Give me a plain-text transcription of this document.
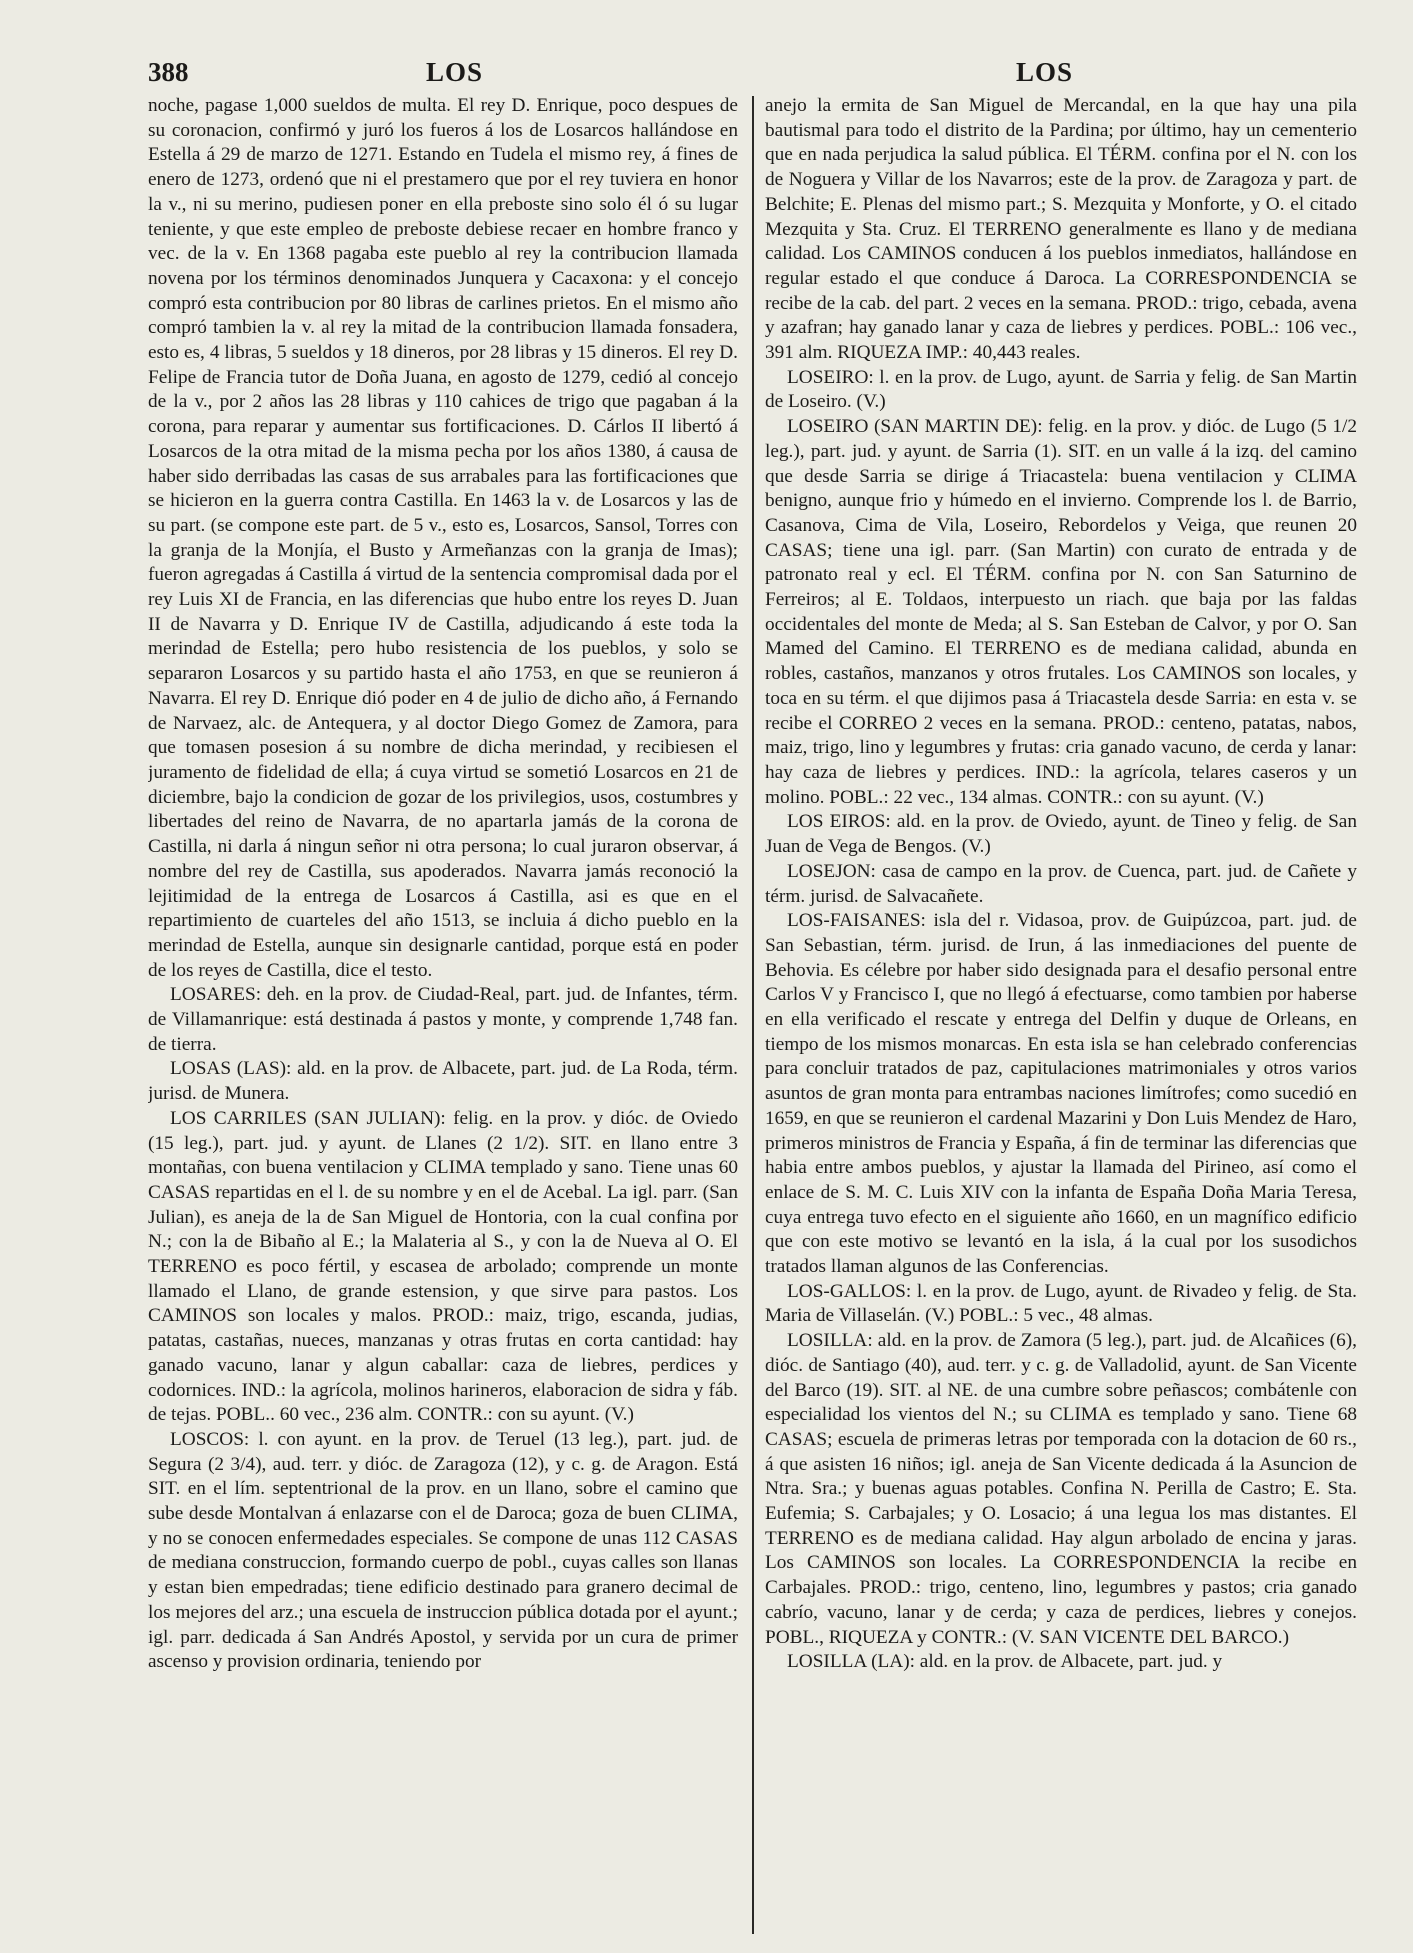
388	LOS	LOS

noche, pagase 1,000 sueldos de multa. El rey D. Enrique, poco despues de su coronacion, confirmó y juró los fueros á los de Losarcos hallándose en Estella á 29 de marzo de 1271. Estando en Tudela el mismo rey, á fines de enero de 1273, ordenó que ni el prestamero que por el rey tuviera en honor la v., ni su merino, pudiesen poner en ella preboste sino solo él ó su lugar teniente, y que este empleo de preboste debiese recaer en hombre franco y vec. de la v. En 1368 pagaba este pueblo al rey la contribucion llamada novena por los términos denominados Junquera y Cacaxona: y el concejo compró esta contribucion por 80 libras de carlines prietos. En el mismo año compró tambien la v. al rey la mitad de la contribucion llamada fonsadera, esto es, 4 libras, 5 sueldos y 18 dineros, por 28 libras y 15 dineros. El rey D. Felipe de Francia tutor de Doña Juana, en agosto de 1279, cedió al concejo de la v., por 2 años las 28 libras y 110 cahices de trigo que pagaban á la corona, para reparar y aumentar sus fortificaciones. D. Cárlos II libertó á Losarcos de la otra mitad de la misma pecha por los años 1380, á causa de haber sido derribadas las casas de sus arrabales para las fortificaciones que se hicieron en la guerra contra Castilla. En 1463 la v. de Losarcos y las de su part. (se compone este part. de 5 v., esto es, Losarcos, Sansol, Torres con la granja de la Monjía, el Busto y Armeñanzas con la granja de Imas); fueron agregadas á Castilla á virtud de la sentencia compromisal dada por el rey Luis XI de Francia, en las diferencias que hubo entre los reyes D. Juan II de Navarra y D. Enrique IV de Castilla, adjudicando á este toda la merindad de Estella; pero hubo resistencia de los pueblos, y solo se separaron Losarcos y su partido hasta el año 1753, en que se reunieron á Navarra. El rey D. Enrique dió poder en 4 de julio de dicho año, á Fernando de Narvaez, alc. de Antequera, y al doctor Diego Gomez de Zamora, para que tomasen posesion á su nombre de dicha merindad, y recibiesen el juramento de fidelidad de ella; á cuya virtud se sometió Losarcos en 21 de diciembre, bajo la condicion de gozar de los privilegios, usos, costumbres y libertades del reino de Navarra, de no apartarla jamás de la corona de Castilla, ni darla á ningun señor ni otra persona; lo cual juraron observar, á nombre del rey de Castilla, sus apoderados. Navarra jamás reconoció la lejitimidad de la entrega de Losarcos á Castilla, asi es que en el repartimiento de cuarteles del año 1513, se incluia á dicho pueblo en la merindad de Estella, aunque sin designarle cantidad, porque está en poder de los reyes de Castilla, dice el testo.

LOSARES: deh. en la prov. de Ciudad-Real, part. jud. de Infantes, térm. de Villamanrique: está destinada á pastos y monte, y comprende 1,748 fan. de tierra.

LOSAS (LAS): ald. en la prov. de Albacete, part. jud. de La Roda, térm. jurisd. de Munera.

LOS CARRILES (SAN JULIAN): felig. en la prov. y dióc. de Oviedo (15 leg.), part. jud. y ayunt. de Llanes (2 1/2). SIT. en llano entre 3 montañas, con buena ventilacion y CLIMA templado y sano. Tiene unas 60 CASAS repartidas en el l. de su nombre y en el de Acebal. La igl. parr. (San Julian), es aneja de la de San Miguel de Hontoria, con la cual confina por N.; con la de Bibaño al E.; la Malateria al S., y con la de Nueva al O. El TERRENO es poco fértil, y escasea de arbolado; comprende un monte llamado el Llano, de grande estension, y que sirve para pastos. Los CAMINOS son locales y malos. PROD.: maiz, trigo, escanda, judias, patatas, castañas, nueces, manzanas y otras frutas en corta cantidad: hay ganado vacuno, lanar y algun caballar: caza de liebres, perdices y codornices. IND.: la agrícola, molinos harineros, elaboracion de sidra y fáb. de tejas. POBL.. 60 vec., 236 alm. CONTR.: con su ayunt. (V.)

LOSCOS: l. con ayunt. en la prov. de Teruel (13 leg.), part. jud. de Segura (2 3/4), aud. terr. y dióc. de Zaragoza (12), y c. g. de Aragon. Está SIT. en el lím. septentrional de la prov. en un llano, sobre el camino que sube desde Montalvan á enlazarse con el de Daroca; goza de buen CLIMA, y no se conocen enfermedades especiales. Se compone de unas 112 CASAS de mediana construccion, formando cuerpo de pobl., cuyas calles son llanas y estan bien empedradas; tiene edificio destinado para granero decimal de los mejores del arz.; una escuela de instruccion pública dotada por el ayunt.; igl. parr. dedicada á San Andrés Apostol, y servida por un cura de primer ascenso y provision ordinaria, teniendo por

anejo la ermita de San Miguel de Mercandal, en la que hay una pila bautismal para todo el distrito de la Pardina; por último, hay un cementerio que en nada perjudica la salud pública. El TÉRM. confina por el N. con los de Noguera y Villar de los Navarros; este de la prov. de Zaragoza y part. de Belchite; E. Plenas del mismo part.; S. Mezquita y Monforte, y O. el citado Mezquita y Sta. Cruz. El TERRENO generalmente es llano y de mediana calidad. Los CAMINOS conducen á los pueblos inmediatos, hallándose en regular estado el que conduce á Daroca. La CORRESPONDENCIA se recibe de la cab. del part. 2 veces en la semana. PROD.: trigo, cebada, avena y azafran; hay ganado lanar y caza de liebres y perdices. POBL.: 106 vec., 391 alm. RIQUEZA IMP.: 40,443 reales.

LOSEIRO: l. en la prov. de Lugo, ayunt. de Sarria y felig. de San Martin de Loseiro. (V.)

LOSEIRO (SAN MARTIN DE): felig. en la prov. y dióc. de Lugo (5 1/2 leg.), part. jud. y ayunt. de Sarria (1). SIT. en un valle á la izq. del camino que desde Sarria se dirige á Triacastela: buena ventilacion y CLIMA benigno, aunque frio y húmedo en el invierno. Comprende los l. de Barrio, Casanova, Cima de Vila, Loseiro, Rebordelos y Veiga, que reunen 20 CASAS; tiene una igl. parr. (San Martin) con curato de entrada y de patronato real y ecl. El TÉRM. confina por N. con San Saturnino de Ferreiros; al E. Toldaos, interpuesto un riach. que baja por las faldas occidentales del monte de Meda; al S. San Esteban de Calvor, y por O. San Mamed del Camino. El TERRENO es de mediana calidad, abunda en robles, castaños, manzanos y otros frutales. Los CAMINOS son locales, y toca en su térm. el que dijimos pasa á Triacastela desde Sarria: en esta v. se recibe el CORREO 2 veces en la semana. PROD.: centeno, patatas, nabos, maiz, trigo, lino y legumbres y frutas: cria ganado vacuno, de cerda y lanar: hay caza de liebres y perdices. IND.: la agrícola, telares caseros y un molino. POBL.: 22 vec., 134 almas. CONTR.: con su ayunt. (V.)

LOS EIROS: ald. en la prov. de Oviedo, ayunt. de Tineo y felig. de San Juan de Vega de Bengos. (V.)

LOSEJON: casa de campo en la prov. de Cuenca, part. jud. de Cañete y térm. jurisd. de Salvacañete.

LOS-FAISANES: isla del r. Vidasoa, prov. de Guipúzcoa, part. jud. de San Sebastian, térm. jurisd. de Irun, á las inmediaciones del puente de Behovia. Es célebre por haber sido designada para el desafio personal entre Carlos V y Francisco I, que no llegó á efectuarse, como tambien por haberse en ella verificado el rescate y entrega del Delfin y duque de Orleans, en tiempo de los mismos monarcas. En esta isla se han celebrado conferencias para concluir tratados de paz, capitulaciones matrimoniales y otros varios asuntos de gran monta para entrambas naciones limítrofes; como sucedió en 1659, en que se reunieron el cardenal Mazarini y Don Luis Mendez de Haro, primeros ministros de Francia y España, á fin de terminar las diferencias que habia entre ambos pueblos, y ajustar la llamada del Pirineo, así como el enlace de S. M. C. Luis XIV con la infanta de España Doña Maria Teresa, cuya entrega tuvo efecto en el siguiente año 1660, en un magnífico edificio que con este motivo se levantó en la isla, á la cual por los susodichos tratados llaman algunos de las Conferencias.

LOS-GALLOS: l. en la prov. de Lugo, ayunt. de Rivadeo y felig. de Sta. Maria de Villaselán. (V.) POBL.: 5 vec., 48 almas.

LOSILLA: ald. en la prov. de Zamora (5 leg.), part. jud. de Alcañices (6), dióc. de Santiago (40), aud. terr. y c. g. de Valladolid, ayunt. de San Vicente del Barco (19). SIT. al NE. de una cumbre sobre peñascos; combátenle con especialidad los vientos del N.; su CLIMA es templado y sano. Tiene 68 CASAS; escuela de primeras letras por temporada con la dotacion de 60 rs., á que asisten 16 niños; igl. aneja de San Vicente dedicada á la Asuncion de Ntra. Sra.; y buenas aguas potables. Confina N. Perilla de Castro; E. Sta. Eufemia; S. Carbajales; y O. Losacio; á una legua los mas distantes. El TERRENO es de mediana calidad. Hay algun arbolado de encina y jaras. Los CAMINOS son locales. La CORRESPONDENCIA la recibe en Carbajales. PROD.: trigo, centeno, lino, legumbres y pastos; cria ganado cabrío, vacuno, lanar y de cerda; y caza de perdices, liebres y conejos. POBL., RIQUEZA y CONTR.: (V. SAN VICENTE DEL BARCO.)

LOSILLA (LA): ald. en la prov. de Albacete, part. jud. y
